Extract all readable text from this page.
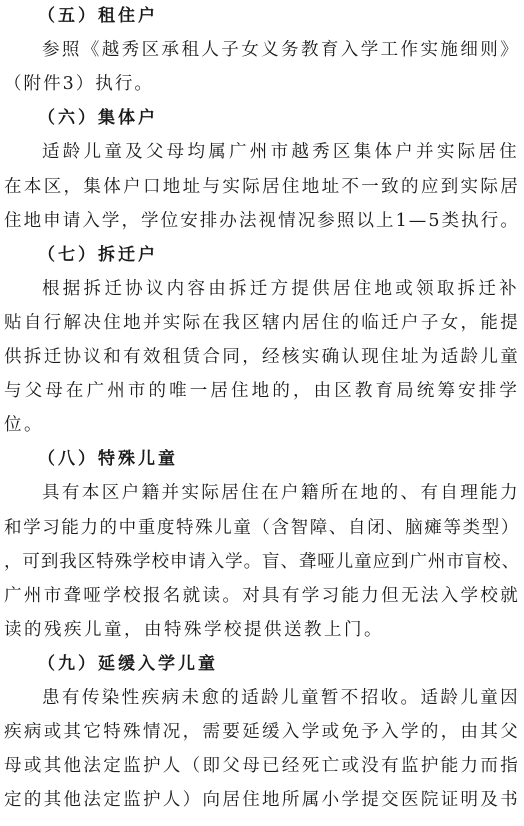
（五）租住户
参照《越秀区承租人子女义务教育入学工作实施细则》
（附件3）执行。
（六）集体户
适龄儿童及父母均属广州市越秀区集体户并实际居住
在本区，集体户口地址与实际居住地址不一致的应到实际居
住地申请入学，学位安排办法视情况参照以上1—5类执行。
（七）拆迁户
根据拆迁协议内容由拆迁方提供居住地或领取拆迁补
贴自行解决住地并实际在我区辖内居住的临迁户子女，能提
供拆迁协议和有效租赁合同，经核实确认现住址为适龄儿童
与父母在广州市的唯一居住地的，由区教育局统筹安排学
位。
（八）特殊儿童
具有本区户籍并实际居住在户籍所在地的、有自理能力
和学习能力的中重度特殊儿童（含智障、自闭、脑瘫等类型）
，可到我区特殊学校申请入学。盲、聋哑儿童应到广州市盲校、
广州市聋哑学校报名就读。对具有学习能力但无法入学校就
读的残疾儿童，由特殊学校提供送教上门。
（九）延缓入学儿童
患有传染性疾病未愈的适龄儿童暂不招收。适龄儿童因
疾病或其它特殊情况，需要延缓入学或免予入学的，由其父
母或其他法定监护人（即父母已经死亡或没有监护能力而指
定的其他法定监护人）向居住地所属小学提交医院证明及书
